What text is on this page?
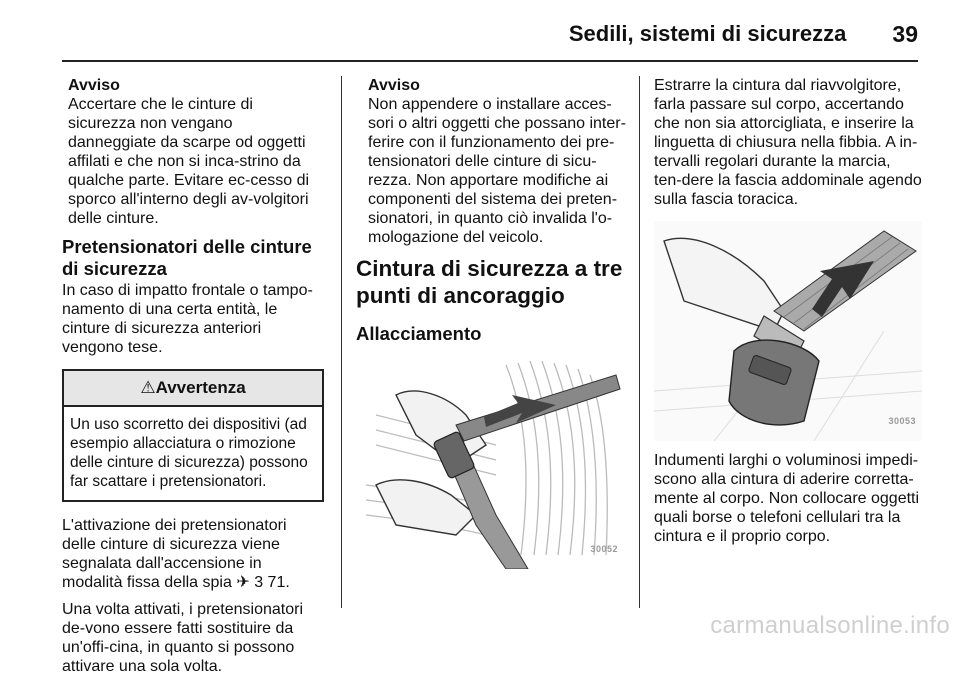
Sedili, sistemi di sicurezza 39
Avviso
Accertare che le cinture di sicurezza non vengano danneggiate da scarpe od oggetti affilati e che non si inca-strino da qualche parte. Evitare ec-cesso di sporco all'interno degli av-volgitori delle cinture.
Pretensionatori delle cinture di sicurezza

In caso di impatto frontale o tampo-namento di una certa entità, le cinture di sicurezza anteriori vengono tese.

⚠Avvertenza
Un uso scorretto dei dispositivi (ad esempio allacciatura o rimozione delle cinture di sicurezza) possono far scattare i pretensionatori.

L'attivazione dei pretensionatori delle cinture di sicurezza viene segnalata dall'accensione in modalità fissa della spia ✈ 3 71.

Una volta attivati, i pretensionatori de-vono essere fatti sostituire da un'offi-cina, in quanto si possono attivare una sola volta.

Avviso
Non appendere o installare acces-sori o altri oggetti che possano inter-ferire con il funzionamento dei pre-tensionatori delle cinture di sicu-rezza. Non apportare modifiche ai componenti del sistema dei preten-sionatori, in quanto ciò invalida l'o-mologazione del veicolo.
Cintura di sicurezza a tre punti di ancoraggio
Allacciamento
30052

Estrarre la cintura dal riavvolgitore, farla passare sul corpo, accertando che non sia attorcigliata, e inserire la linguetta di chiusura nella fibbia. A in-tervalli regolari durante la marcia, ten-dere la fascia addominale agendo sulla fascia toracica.

30053

Indumenti larghi o voluminosi impedi-scono alla cintura di aderire corretta-mente al corpo. Non collocare oggetti quali borse o telefoni cellulari tra la cintura e il proprio corpo.

carmanualsonline.info
